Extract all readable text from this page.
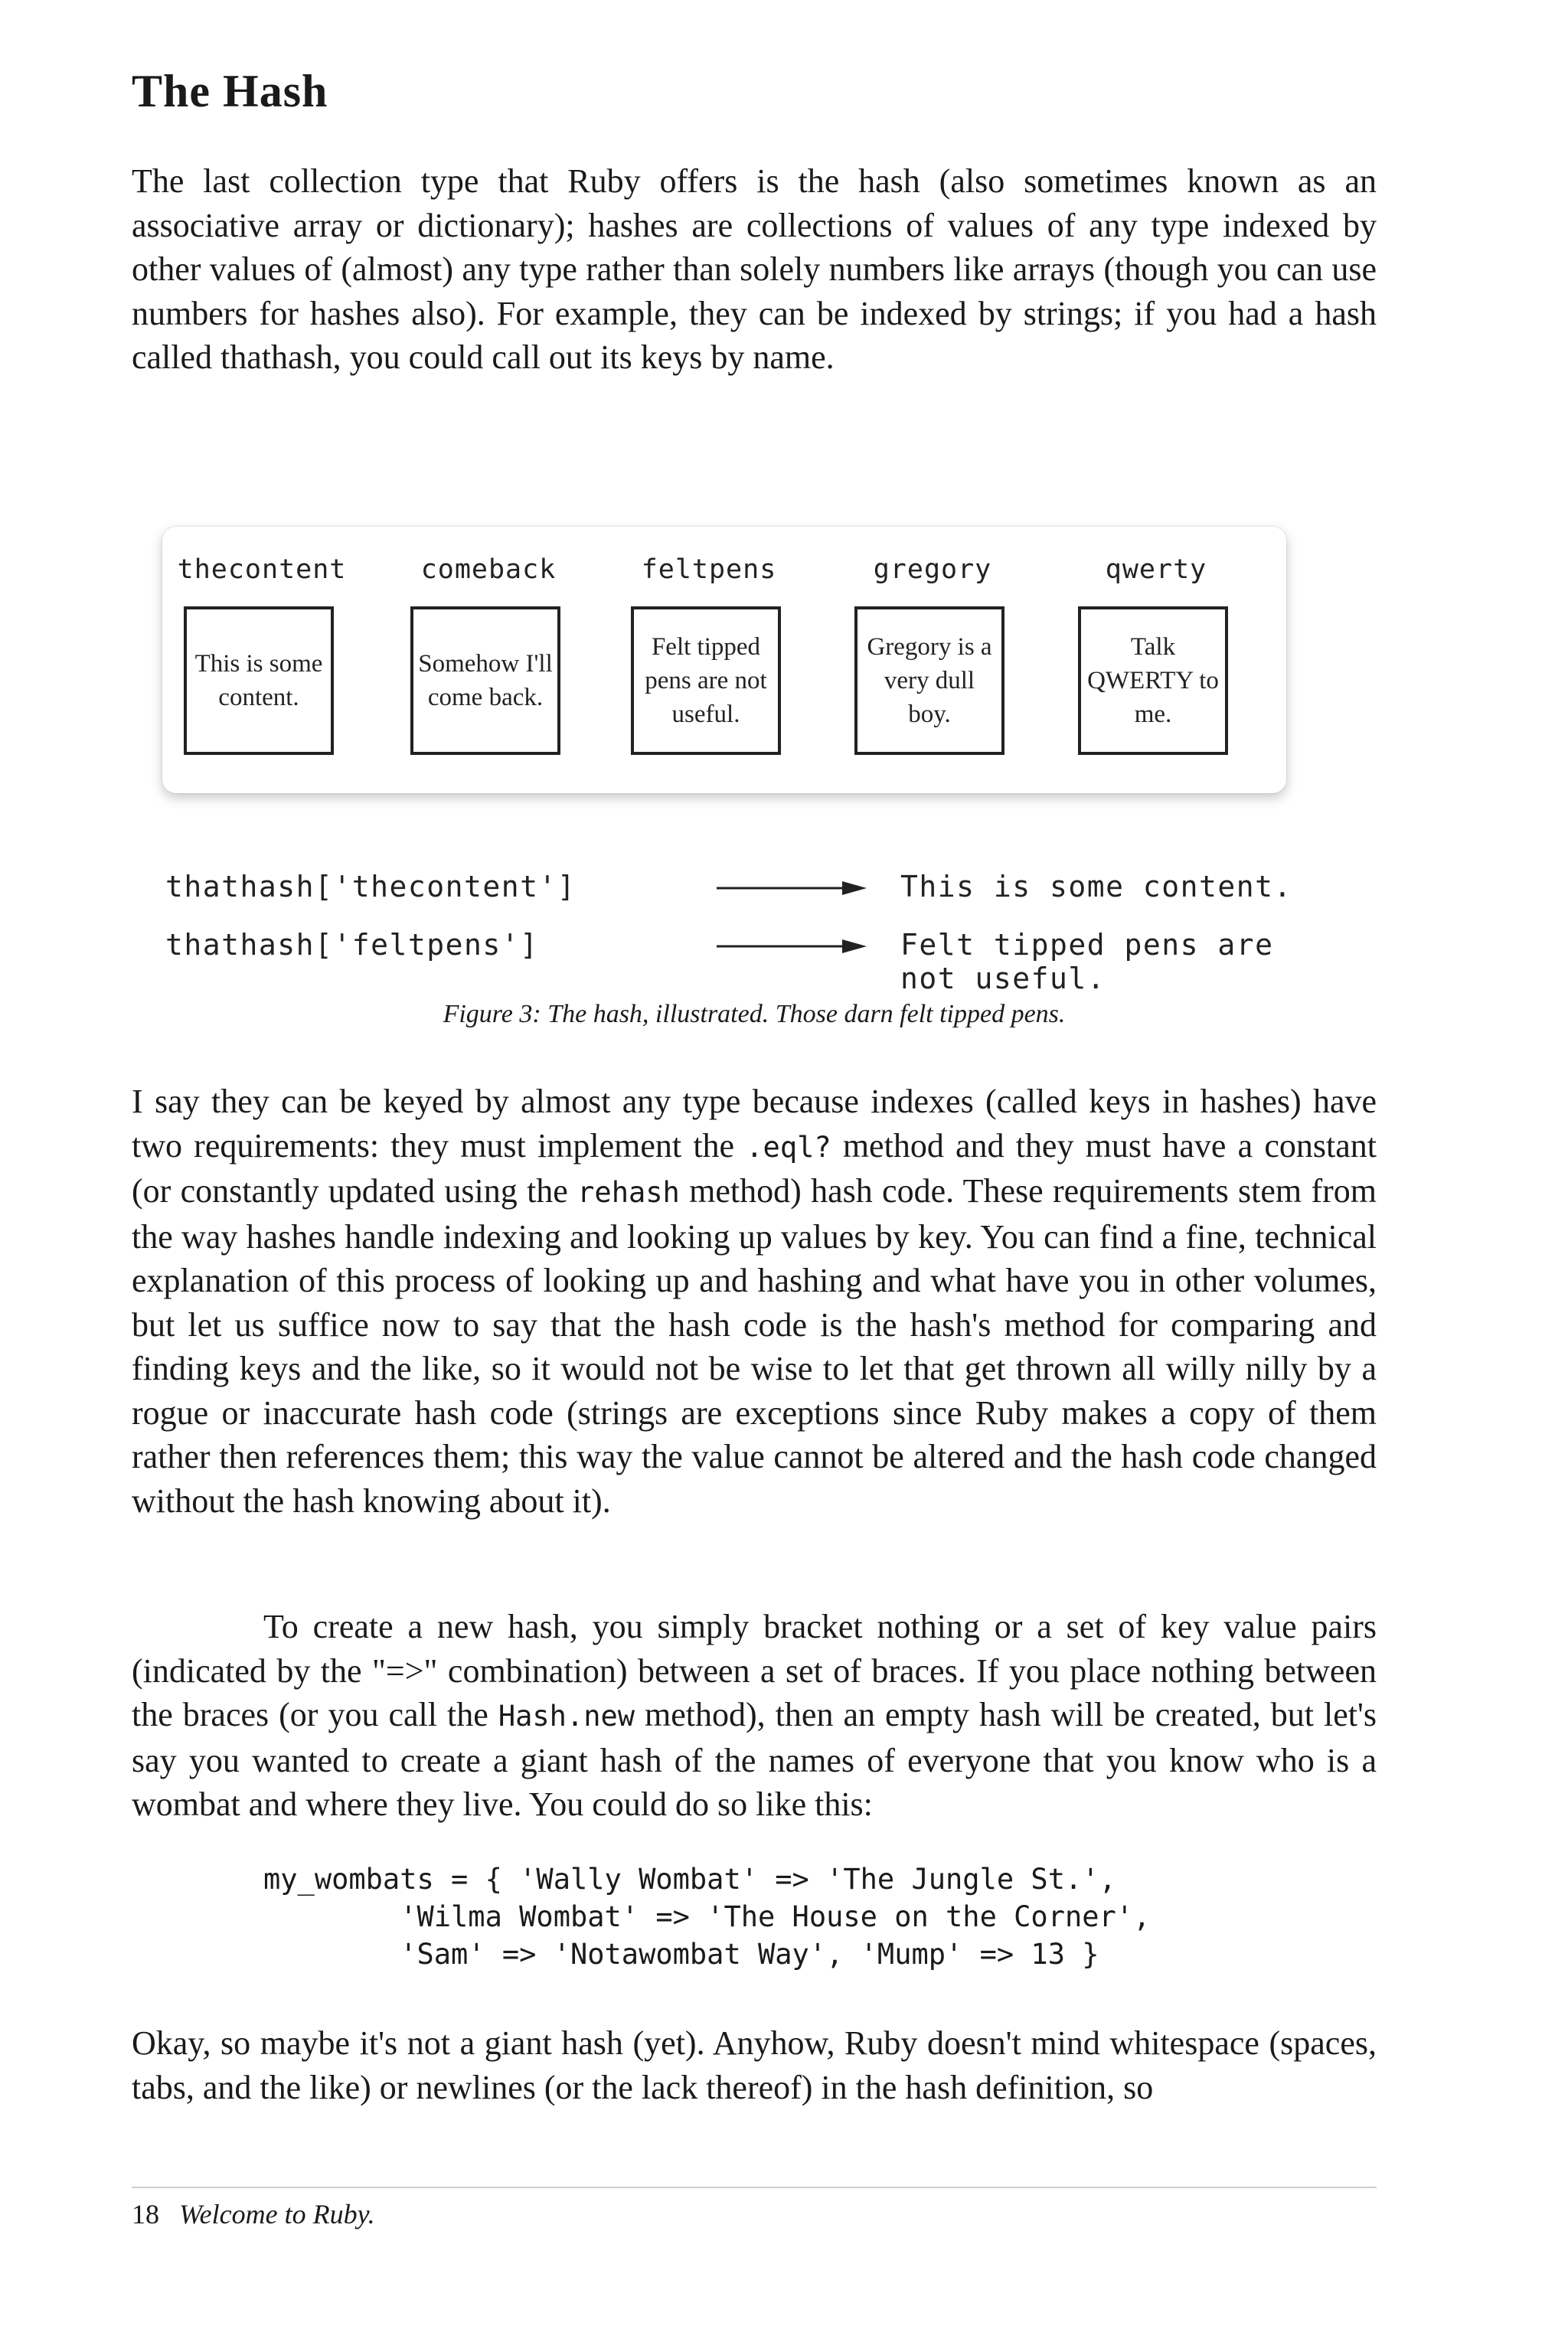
The Hash

The last collection type that Ruby offers is the hash (also sometimes known as an associative array or dictionary); hashes are collections of values of any type indexed by other values of (almost) any type rather than solely numbers like arrays (though you can use numbers for hashes also). For example, they can be indexed by strings; if you had a hash called thathash, you could call out its keys by name.

thecontent
This is some content.
comeback
Somehow I'll come back.
feltpens
Felt tipped pens are not useful.
gregory
Gregory is a very dull boy.
qwerty
Talk QWERTY to me.
thathash['thecontent']	This is some content.
thathash['feltpens']	Felt tipped pens are not useful.

Figure 3: The hash, illustrated. Those darn felt tipped pens.

I say they can be keyed by almost any type because indexes (called keys in hashes) have two requirements: they must implement the .eql? method and they must have a constant (or constantly updated using the rehash method) hash code. These requirements stem from the way hashes handle indexing and looking up values by key. You can find a fine, technical explanation of this process of looking up and hashing and what have you in other volumes, but let us suffice now to say that the hash code is the hash's method for comparing and finding keys and the like, so it would not be wise to let that get thrown all willy nilly by a rogue or inaccurate hash code (strings are exceptions since Ruby makes a copy of them rather then references them; this way the value cannot be altered and the hash code changed without the hash knowing about it).

To create a new hash, you simply bracket nothing or a set of key value pairs (indicated by the "=>" combination) between a set of braces. If you place nothing between the braces (or you call the Hash.new method), then an empty hash will be created, but let's say you wanted to create a giant hash of the names of everyone that you know who is a wombat and where they live. You could do so like this:

my_wombats = { 'Wally Wombat' => 'The Jungle St.',
'Wilma Wombat' => 'The House on the Corner',
'Sam' => 'Notawombat Way', 'Mump' => 13 }

Okay, so maybe it's not a giant hash (yet). Anyhow, Ruby doesn't mind whitespace (spaces, tabs, and the like) or newlines (or the lack thereof) in the hash definition, so

18 Welcome to Ruby.
